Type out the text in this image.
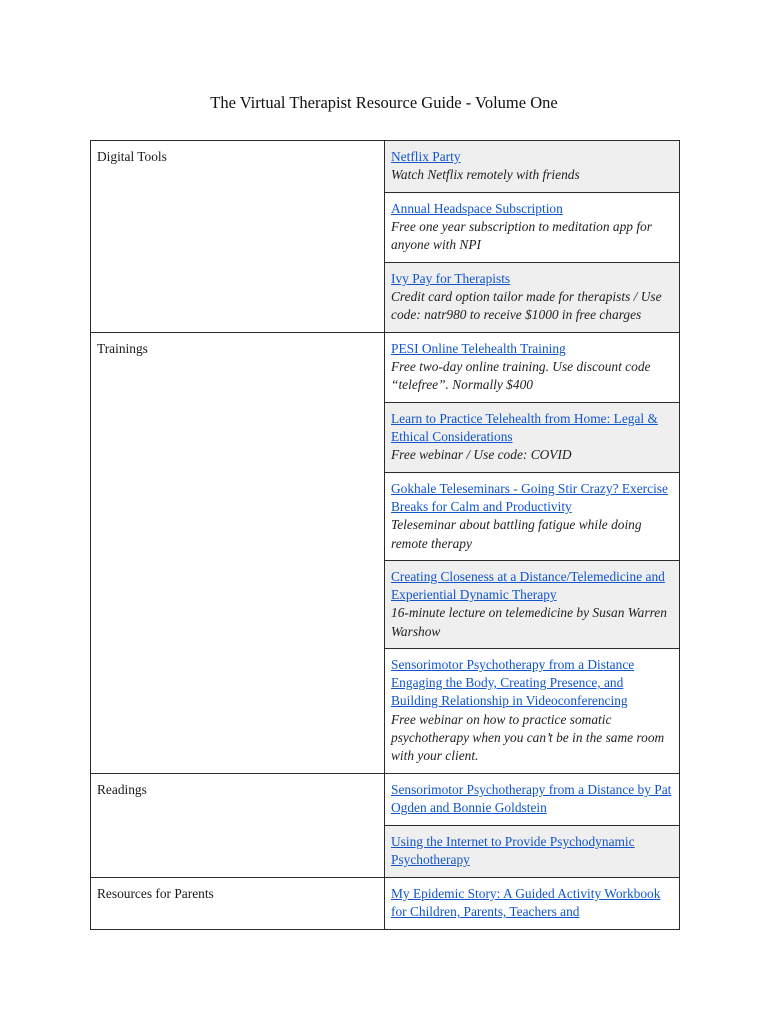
The Virtual Therapist Resource Guide - Volume One
Digital Tools	Netflix Party
Watch Netflix remotely with friends

	Annual Headspace Subscription
Free one year subscription to meditation app for anyone with NPI

	Ivy Pay for Therapists
Credit card option tailor made for therapists / Use code: natr980 to receive $1000 in free charges

Trainings	PESI Online Telehealth Training
Free two-day online training. Use discount code “telefree”. Normally $400

	Learn to Practice Telehealth from Home: Legal & Ethical Considerations
Free webinar / Use code: COVID

	Gokhale Teleseminars - Going Stir Crazy? Exercise Breaks for Calm and Productivity
Teleseminar about battling fatigue while doing remote therapy

	Creating Closeness at a Distance/Telemedicine and Experiential Dynamic Therapy
16-minute lecture on telemedicine by Susan Warren Warshow

	Sensorimotor Psychotherapy from a Distance Engaging the Body, Creating Presence, and Building Relationship in Videoconferencing
Free webinar on how to practice somatic psychotherapy when you can’t be in the same room with your client.

Readings	Sensorimotor Psychotherapy from a Distance by Pat Ogden and Bonnie Goldstein

	Using the Internet to Provide Psychodynamic Psychotherapy

Resources for Parents	My Epidemic Story: A Guided Activity Workbook for Children, Parents, Teachers and
